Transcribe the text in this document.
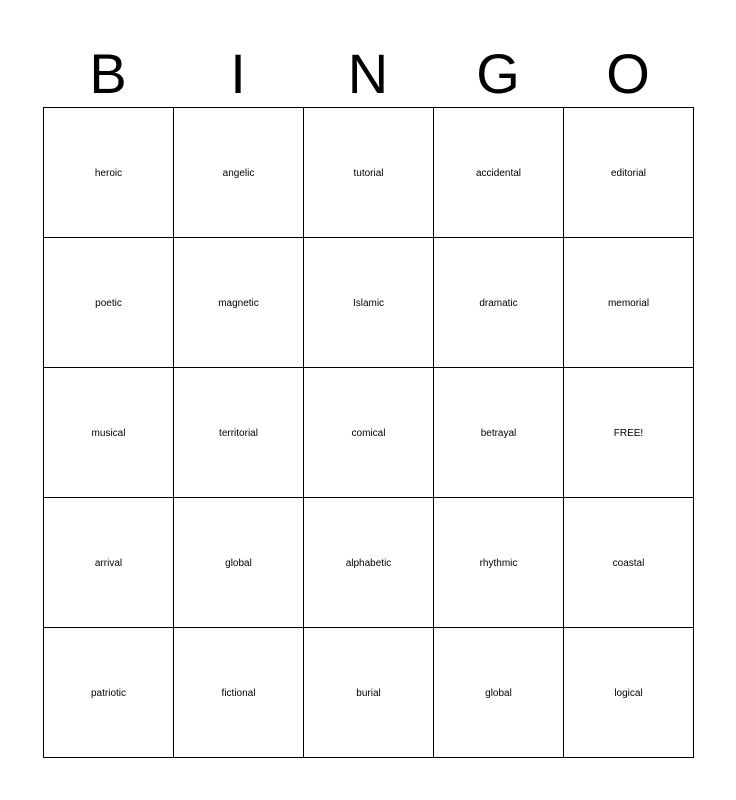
B	I	N	G	O
heroic	angelic	tutorial	accidental	editorial
poetic	magnetic	Islamic	dramatic	memorial
musical	territorial	comical	betrayal	FREE!
arrival	global	alphabetic	rhythmic	coastal
patriotic	fictional	burial	global	logical
